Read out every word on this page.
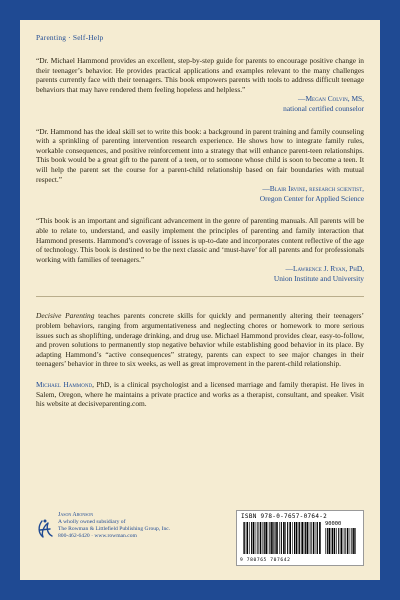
Parenting · Self-Help

“Dr. Michael Hammond provides an excellent, step-by-step guide for parents to encourage positive change in their teenager’s behavior. He provides practical applications and examples relevant to the many challenges parents currently face with their teenagers. This book empowers parents with tools to address difficult teenage behaviors that may have rendered them feeling hopeless and helpless.”

—Megan Colvin, MS,
national certified counselor

“Dr. Hammond has the ideal skill set to write this book: a background in parent training and family counseling with a sprinkling of parenting intervention research experience. He shows how to integrate family rules, workable consequences, and positive reinforcement into a strategy that will enhance parent-teen relationships. This book would be a great gift to the parent of a teen, or to someone whose child is soon to become a teen. It will help the parent set the course for a parent-child relationship based on fair boundaries with mutual respect.”

—Blair Irvine, research scientist,
Oregon Center for Applied Science

“This book is an important and significant advancement in the genre of parenting manuals. All parents will be able to relate to, understand, and easily implement the principles of parenting and family interaction that Hammond presents. Hammond’s coverage of issues is up-to-date and incorporates content reflective of the age of technology. This book is destined to be the next classic and ‘must-have’ for all parents and for professionals working with families of teenagers.”

—Lawrence J. Ryan, PhD,
Union Institute and University

Decisive Parenting teaches parents concrete skills for quickly and permanently altering their teenagers’ problem behaviors, ranging from argumentativeness and neglecting chores or homework to more serious issues such as shoplifting, underage drinking, and drug use. Michael Hammond provides clear, easy-to-follow, and proven solutions to permanently stop negative behavior while establishing good behavior in its place. By adapting Hammond’s “active consequences” strategy, parents can expect to see major changes in their teenagers’ behavior in three to six weeks, as well as great improvement in the parent-child relationship.

Michael Hammond, PhD, is a clinical psychologist and a licensed marriage and family therapist. He lives in Salem, Oregon, where he maintains a private practice and works as a therapist, consultant, and speaker. Visit his website at decisiveparenting.com.

Jason Aronson
A wholly owned subsidiary of
The Rowman & Littlefield Publishing Group, Inc.
800-462-6420 · www.rowman.com
ISBN 978-0-7657-0764-2
90000
9 780765 707642
